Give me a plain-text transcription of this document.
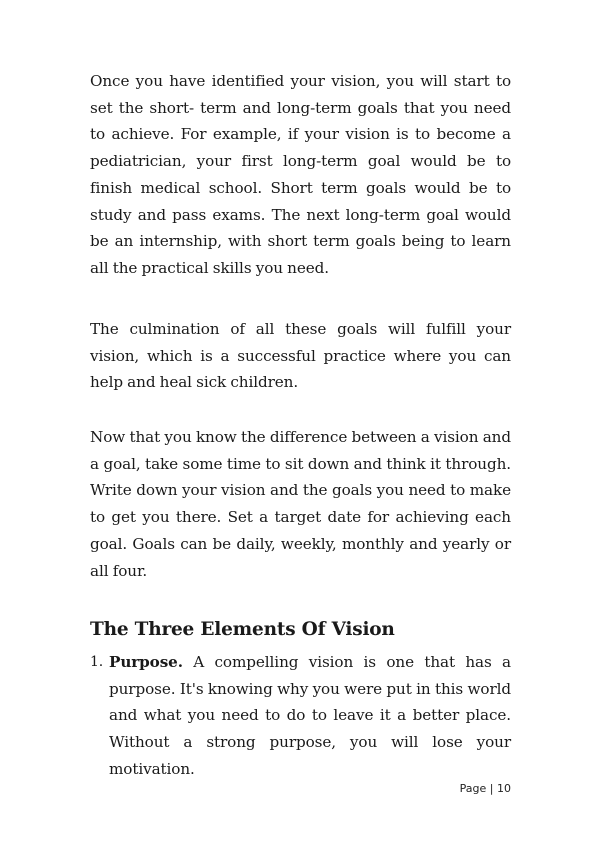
Once you have identified your vision, you will start to set the short- term and long-term goals that you need to achieve. For example, if your vision is to become a pediatrician, your first long-term goal would be to finish medical school. Short term goals would be to study and pass exams. The next long-term goal would be an internship, with short term goals being to learn all the practical skills you need.

The culmination of all these goals will fulfill your vision, which is a successful practice where you can help and heal sick children.

Now that you know the difference between a vision and a goal, take some time to sit down and think it through. Write down your vision and the goals you need to make to get you there. Set a target date for achieving each goal. Goals can be daily, weekly, monthly and yearly or all four.

The Three Elements Of Vision
1. Purpose. A compelling vision is one that has a purpose. It's knowing why you were put in this world and what you need to do to leave it a better place. Without a strong purpose, you will lose your motivation.
Page | 10
